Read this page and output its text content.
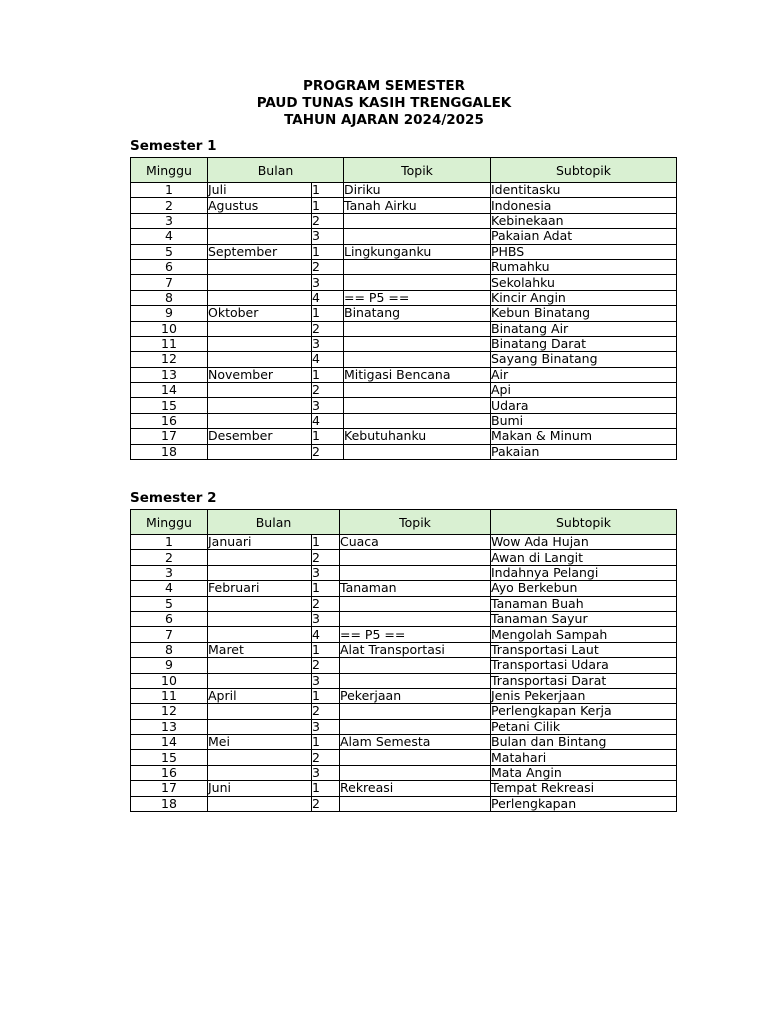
PROGRAM SEMESTER
PAUD TUNAS KASIH TRENGGALEK
TAHUN AJARAN 2024/2025
Semester 1
Minggu	Bulan		Topik	Subtopik
1	Juli	1	Diriku	Identitasku
2	Agustus	1	Tanah Airku	Indonesia
3		2		Kebinekaan
4		3		Pakaian Adat
5	September	1	Lingkunganku	PHBS
6		2		Rumahku
7		3		Sekolahku
8		4	== P5 ==	Kincir Angin
9	Oktober	1	Binatang	Kebun Binatang
10		2		Binatang Air
11		3		Binatang Darat
12		4		Sayang Binatang
13	November	1	Mitigasi Bencana	Air
14		2		Api
15		3		Udara
16		4		Bumi
17	Desember	1	Kebutuhanku	Makan & Minum
18		2		Pakaian
Semester 2
Minggu	Bulan		Topik	Subtopik
1	Januari	1	Cuaca	Wow Ada Hujan
2		2		Awan di Langit
3		3		Indahnya Pelangi
4	Februari	1	Tanaman	Ayo Berkebun
5		2		Tanaman Buah
6		3		Tanaman Sayur
7		4	== P5 ==	Mengolah Sampah
8	Maret	1	Alat Transportasi	Transportasi Laut
9		2		Transportasi Udara
10		3		Transportasi Darat
11	April	1	Pekerjaan	Jenis Pekerjaan
12		2		Perlengkapan Kerja
13		3		Petani Cilik
14	Mei	1	Alam Semesta	Bulan dan Bintang
15		2		Matahari
16		3		Mata Angin
17	Juni	1	Rekreasi	Tempat Rekreasi
18		2		Perlengkapan
